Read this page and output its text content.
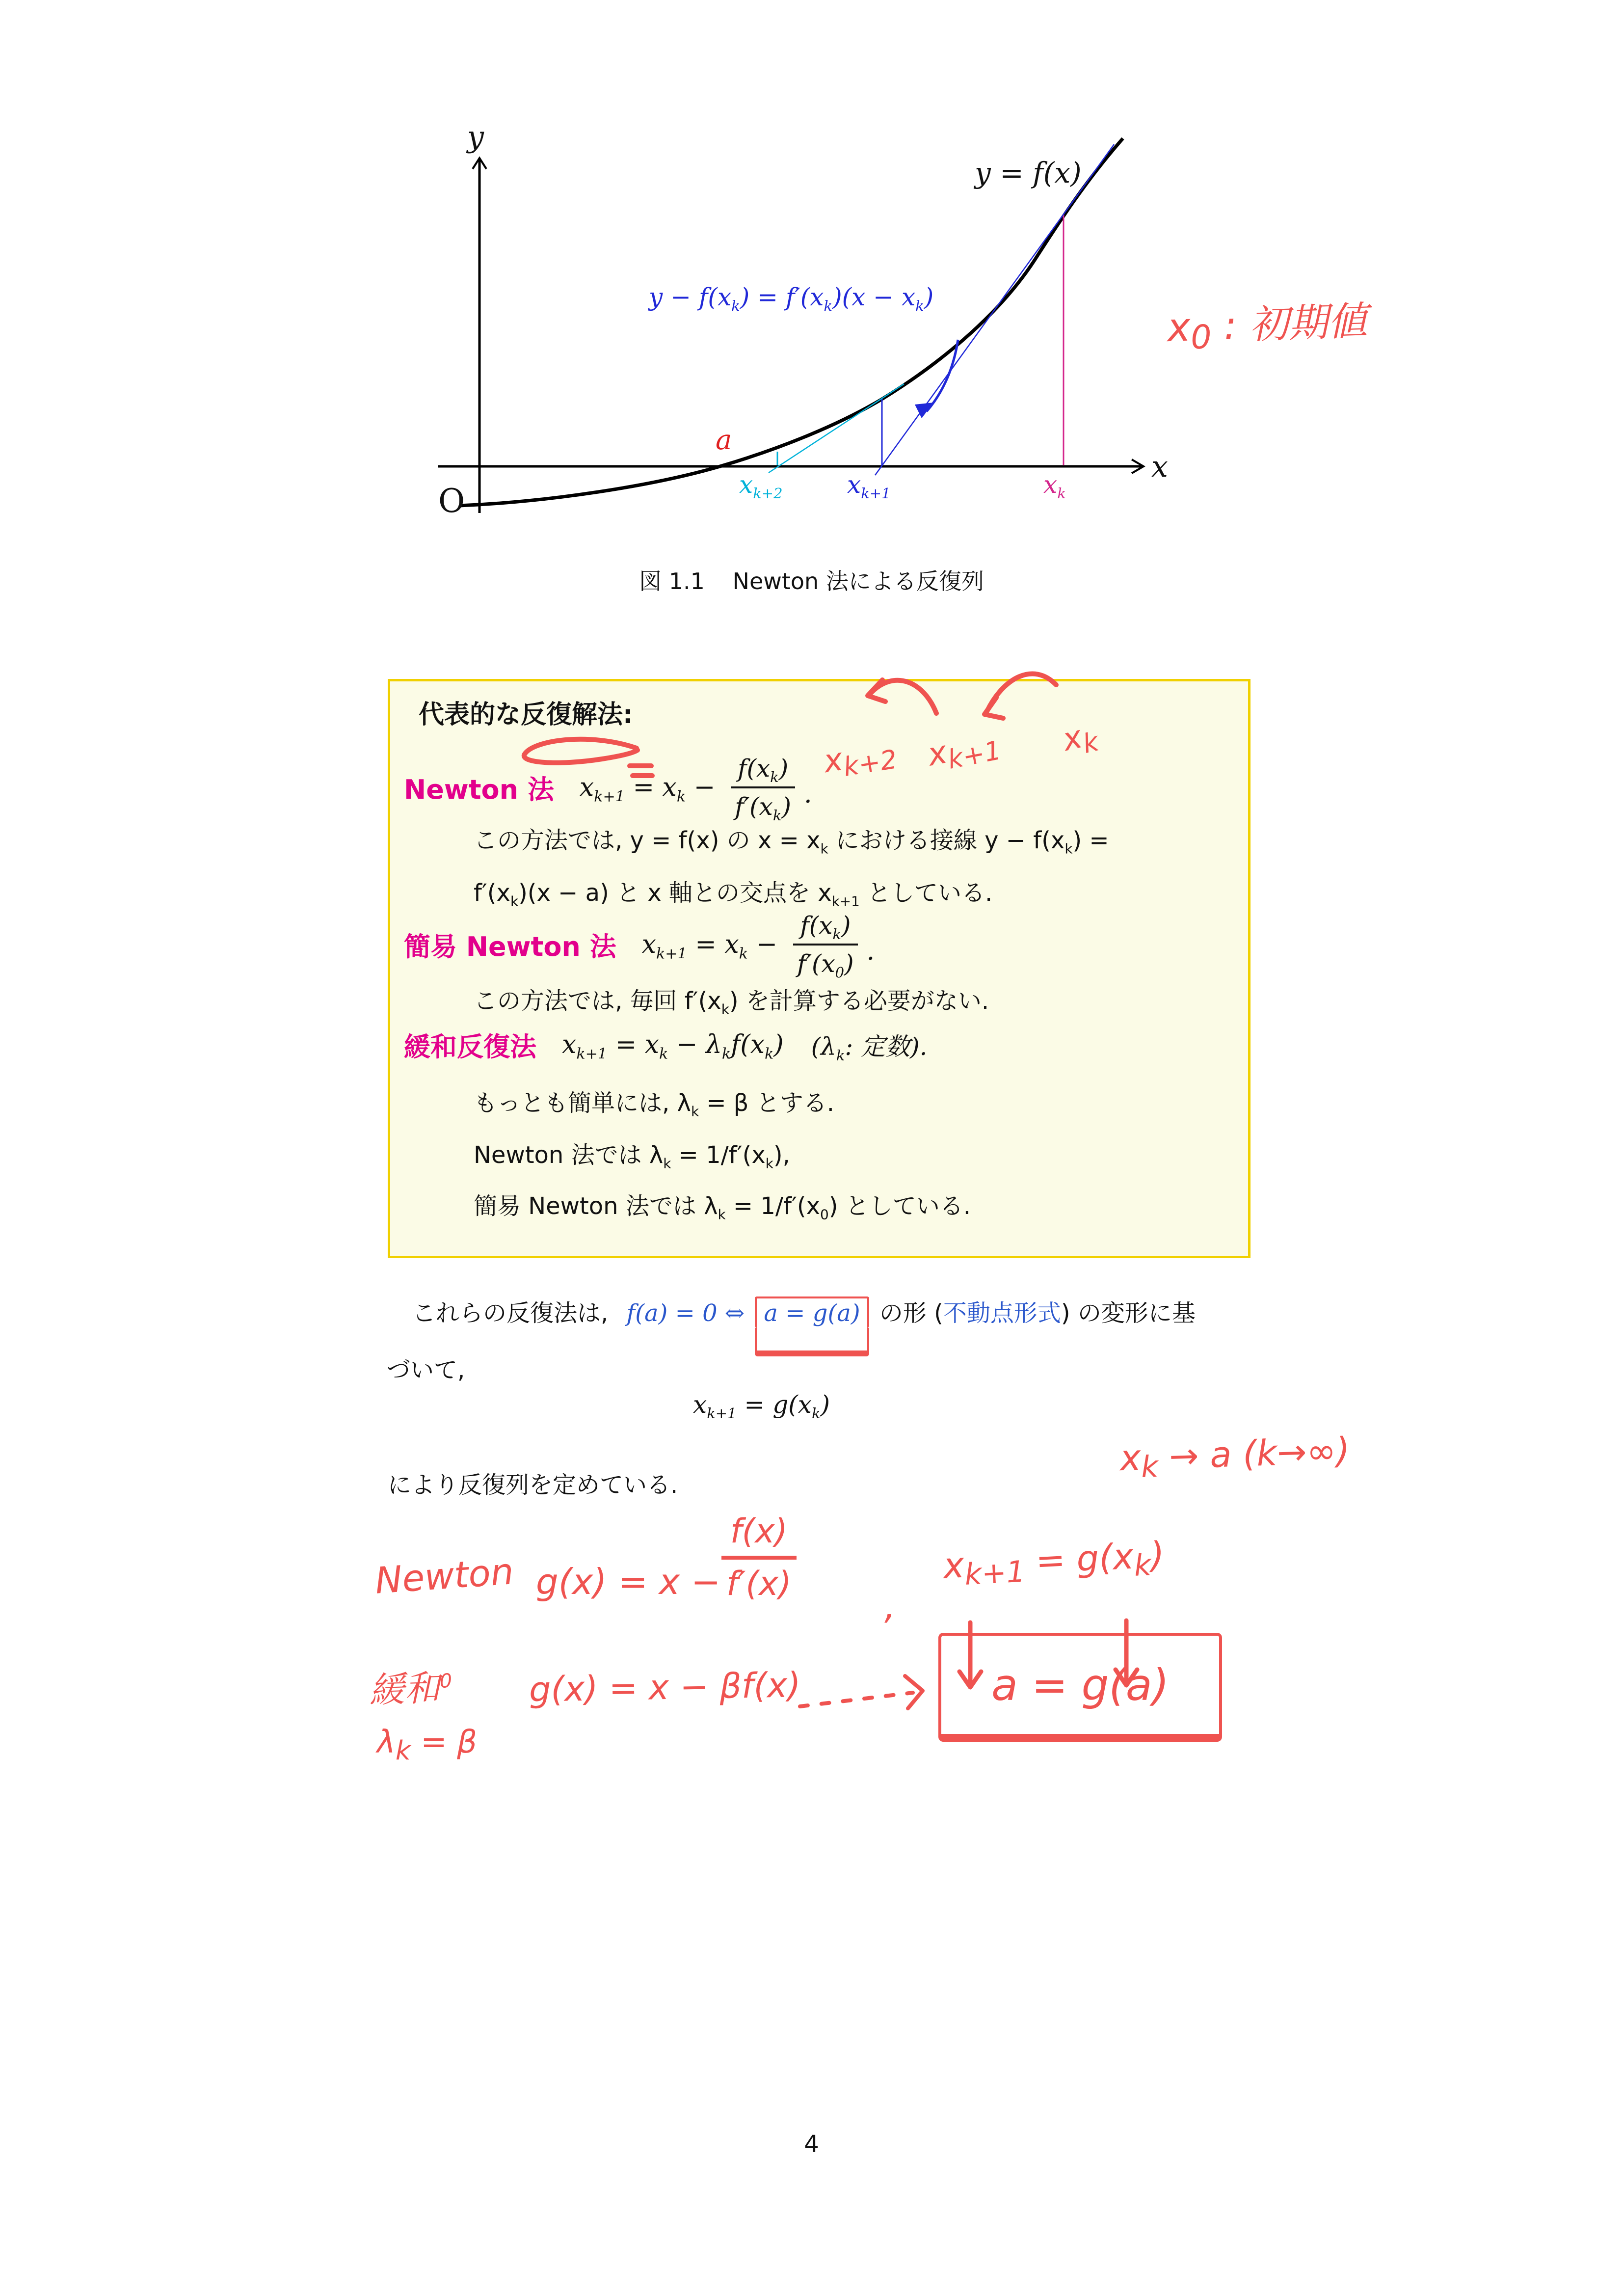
y
x
O
y = f(x)
$y - f(x_k) = f'(x_k)(x - x_k)$
a
$x_{k+2}$	$x_{k+1}$	$x_k$
$x_0$ : 初期値
図 1.1 Newton 法による反復列
代表的な反復解法:
$x_{k+2}$ $x_{k+1}$ $x_k$
Newton 法 $x_{k+1} = x_k - \frac{f(x_k)}{f'(x_k)}$ .
この方法では, y = f(x) の $x = x_k$ における接線 $y - f(x_k)$ =
$f'(x_k)(x - a)$ と x 軸との交点を $x_{k+1}$ としている.
簡易 Newton 法 $x_{k+1} = x_k - \frac{f(x_k)}{f'(x_0)}$ .
この方法では, 毎回 $f'(x_k)$ を計算する必要がない.
緩和反復法 $x_{k+1} = x_k - \lambda_kf(x_k)$ ($\lambda_k$: 定数).
もっとも簡単には, $\lambda_k = \beta$ とする.
Newton 法では $\lambda_k = 1/f'(x_k)$,
簡易 Newton 法では $\lambda_k = 1/f'(x_0)$ としている.
これらの反復法は, f(a) = 0 ⇔ a = g(a) の形 (不動点形式) の変形に基
づいて,
$x_{k+1} = g(x_k)$
$x_k \to a$ (k→∞)
により反復列を定めている.
Newton g(x) = x −
$\frac{f(x)}{f'(x)}$
,
$x_{k+1} = g(x_k)$
緩和$^0$
$\lambda_k = \beta$
g(x) = x − βf(x)	a = g(a)
4
